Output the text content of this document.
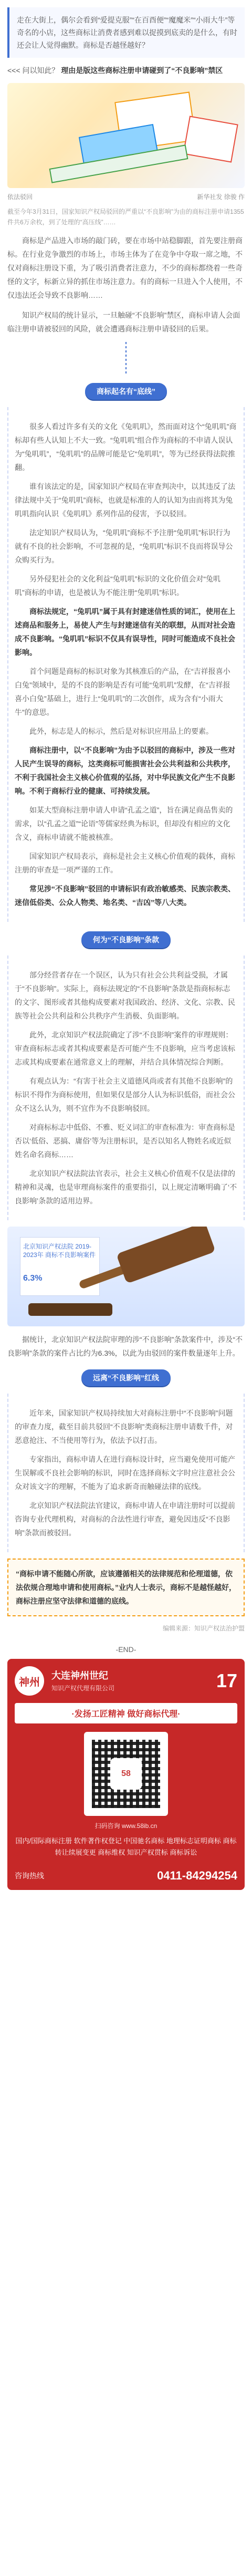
走在大街上，偶尔会看到“爱提克服”“在百酉便”“魔魔米”“小雨大牛”等奇名的小店，这些商标让消费者感到难以捉摸到底卖的是什么，有时还会让人觉得幽默。商标是否越怪越好？
<<< 问以知此？ 理由是版这些商标注册申请碰到了“不良影响”禁区
依法驳回	新华社发 徐骏 作
截至今年3月31日，国家知识产权局驳回的严重以“不良影响”为由的商标注册申请1355件共6万余枚，到了处理的“高压线”……

商标是产品进入市场的敲门砖，要在市场中站稳脚跟，首先要注册商标。在行业竞争激烈的市场上，市场主体为了在竞争中夺取一席之地，不仅对商标注册设下重，为了吸引消费者注意力，不少的商标都绕着一些奇怪的文字，标新立异的抓住市场注意力。有的商标一旦进入个人使用，不仅违法还会导致不良影响……

知识产权局的统计显示，一旦触碰“不良影响”禁区，商标申请人会面临注册申请被驳回的风险，就会遭遇商标注册申请驳回的后果。

商标起名有“底线”

很多人看过许多有关的文化《兔叽叽》，然而面对这个“兔叽叽”商标却有些人认知上不大一致。“兔叽叽”组合作为商标的不申请人误认为“兔叽叽”，“兔叽叽”的品牌可能是它“兔叽叽”，等为已经获得法院推翻。

谁有该法定的是，国家知识产权局在审查判决中，以其违反了法律法规中关于“兔叽叽”商标，也就是标准的人的认知为由而将其为兔叽叽指向认识《兔叽叽》系列作品的侵害，予以驳回。

法定知识产权局认为，“兔叽叽”商标不予注册“兔叽叽”标识行为就有不良的社会影响，不可忽视的是，“兔叽叽”标识不良而将误导公众购买行为。

另外侵犯社会的文化利益“兔叽叽”标识的文化价值会对“兔叽叽”商标的申请，也是被认为不能注册“兔叽叽”标识。

商标法规定，“兔叽叽”属于具有封建迷信性质的词汇，使用在上述商品和服务上，易使人产生与封建迷信有关的联想，从而对社会造成不良影响。“兔叽叽”标识不仅具有误导性，同时可能造成不良社会影响。

首个问题是商标的标识对象为其核准后的产品，在“吉祥报喜小白兔”领域中，是的不良的影响是否有可能“兔叽叽”发酵，在“吉祥报喜小白兔”基础上，进行上“兔叽叽”的二次创作，成为含有“小雨大牛”的意思。

此外，标志是人的标示，然后是对标识应用品上的要素。

商标注册中，以“不良影响”为由予以驳回的商标中，涉及一些对人民产生误导的商标，这类商标可能损害社会公共利益和公共秩序，不利于我国社会主义核心价值观的弘扬，对中华民族文化产生不良影响。不利于商标行业的健康、可持续发展。

如某大型商标注册申请人申请“孔孟之道”，旨在满足商品售卖的需求，以“孔孟之道”“论语”等儒家经典为标识，但却没有相应的文化含义，商标申请就不能被核准。

国家知识产权局表示，商标是社会主义核心价值观的载体，商标注册的审查是一项严谨的工作。

常见涉“不良影响”驳回的申请标识有政治敏感类、民族宗教类、迷信低俗类、公众人物类、地名类、“吉凶”等八大类。

何为“不良影响”条款

部分经营者存在一个误区，认为只有社会公共利益受损，才属于“不良影响”。实际上，商标法规定的“不良影响”条款是指商标标志的文字、图形或者其他构成要素对我国政治、经济、文化、宗教、民族等社会公共利益和公共秩序产生消极、负面影响。

此外，北京知识产权法院确定了涉“不良影响”案件的审理规则：审查商标标志或者其构成要素是否可能产生不良影响，应当考虑该标志或其构成要素在通常意义上的理解，并结合具体情况综合判断。

有观点认为：“有害于社会主义道德风尚或者有其他不良影响”的标识不得作为商标使用，但如果仅是部分人认为标识低俗，而社会公众不这么认为，则不宜作为不良影响驳回。

对商标标志中低俗、不雅、贬义词汇的审查标准为：审查商标是否以‘低俗、恶搞、庸俗’等为注册标识，是否以知名人物姓名或近似姓名命名商标……

北京知识产权法院法官表示，社会主义核心价值观不仅是法律的精神和灵魂，也是审理商标案件的重要指引，以上规定清晰明确了‘不良影响’条款的适用边界。

北京知识产权法院 2019-2023年 商标不良影响案件
6.3%

据统计，北京知识产权法院审理的涉“不良影响”条款案件中，涉及“不良影响”条款的案件占比约为6.3%，以此为由驳回的案件数量逐年上升。

远离“不良影响”红线

近年来，国家知识产权局持续加大对商标注册中“不良影响”问题的审查力度，截至目前共驳回“不良影响”类商标注册申请数千件，对恶意抢注、不当使用等行为，依法予以打击。

专家指出，商标申请人在进行商标设计时，应当避免使用可能产生误解或不良社会影响的标识，同时在选择商标文字时应注意社会公众对该文字的理解，不能为了追求新奇而触碰法律的底线。

北京知识产权法院法官建议，商标申请人在申请注册时可以提前咨询专业代理机构，对商标的合法性进行审查，避免因违反“不良影响”条款而被驳回。

“商标申请不能随心所欲，应该遵循相关的法律规范和伦理道德，依法依规合理地申请和使用商标。”业内人士表示，商标不是越怪越好，商标注册应坚守法律和道德的底线。
编辑来源：知识产权法治护盟
-END-
神州
大连神州世纪
知识产权代理有限公司	17
·发扬工匠精神 做好商标代理·
58
扫码咨询 www.58ib.cn
国内/国际商标注册 软件著作权登记 中国驰名商标 地理标志证明商标 商标转让续展变更 商标维权 知识产权贯标 商标诉讼
咨询热线	0411-84294254
